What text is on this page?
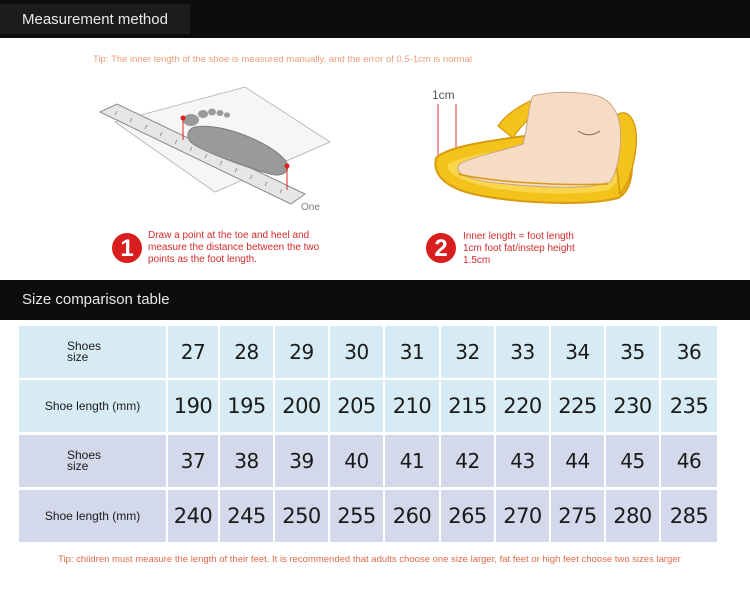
Measurement method
Tip: The inner length of the shoe is measured manually, and the error of 0.5-1cm is normal
One
1cm
1	Draw a point at the toe and heel and
measure the distance between the two
points as the foot length.	2	Inner length = foot length
1cm foot fat/instep height
1.5cm
Size comparison table
Shoes
size	27	28	29	30	31	32	33	34	35	36
Shoe length (mm)	190 195 200 205 210 215 220 225 230 235
Shoes
size	37	38	39	40	41	42	43	44	45	46
Shoe length (mm)	240 245 250 255 260 265 270 275 280 285
Tip: children must measure the length of their feet. It is recommended that adults choose one size larger, fat feet or high feet choose two sizes larger
